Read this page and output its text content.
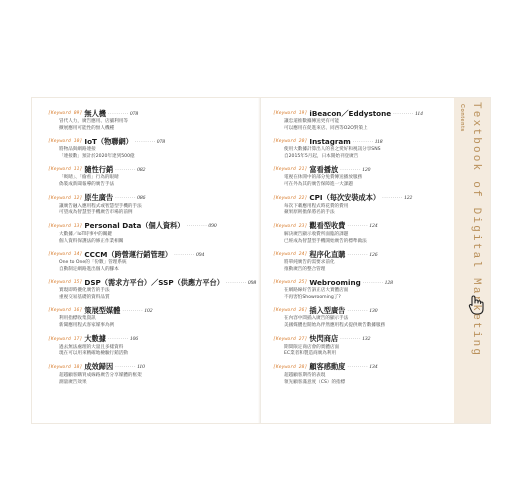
[Keyword 09] 無人機 ·········· 078
冒代人力，廣告應用、店舖利用等
擴展應用可能性的無人機種
[Keyword 10] IoT（物聯網） ·········· 078
將物品與網路連接
「連接數」預計於2020年達到500億
[Keyword 11] 隨性行銷 ·········· 082
「吸睛」、「偷看」行為的眼睛
偽裝成新聞報導的廣告手法
[Keyword 12] 原生廣告 ·········· 086
讓廣告融入應用程式或智慧型手機的手法
可望成為智慧型手機廣告市場的前例
[Keyword 13] Personal Data（個人資料） ·········· 090
大數據／IoT時事中的關鍵
個人資料保護法的修正作業相關
[Keyword 14] CCCM（跨營運行銷管理） ·········· 094
One to One的「份數」管理系統
自動制定網路進出個人的腳本
[Keyword 15] DSP（需求方平台）／SSP（供應方平台） ·········· 098
實現即時優化廣告的手法
重視交易基礎的資料品質
[Keyword 16] 策展型媒體 ·········· 102
利用指標收集資訊
新聞應用程式客家媒事為例
[Keyword 17] 大數據 ·········· 106
過去無法處理的大量且多樣資料
現在可以用來精確地檢驗行銷活動
[Keyword 18] 成效歸因 ·········· 110
超越顧客購買成線路廣告分享媒體的框架
測量廣告效果
[Keyword 19] iBeacon／Eddystone ·········· 114
讓忠道推數據傳送更有可能
可以應用在促進來店、同西等O2O對策上
[Keyword 20] Instagram ·········· 118
使用大數據計算出人的喜之愛好和視訊分享SNS
自2015年5月起，日本開始刊登廣告
[Keyword 21] 富看播放 ·········· 120
電視在休閒中的部分免費傳送播放服務
可在外為其的廣告保障進一大課題
[Keyword 22] CPI（每次安裝成本） ·········· 122
每次下載應用程式時花費的費用
蘋果原則擔保將名的手法
[Keyword 23] 觀看型收費 ·········· 124
解決廣告顯示收費所面臨的課題
已經成為智慧型手機開始廣告的標準做法
[Keyword 24] 程序化直購 ·········· 126
將單純廣告的需要求前化
推動廣告的整合管理
[Keyword 25] Webrooming ·········· 128
在網路線好告訴正店大實體店面
不再害怕Showrooming了?
[Keyword 26] 插入型廣告 ·········· 130
在內容中間插入廣告的顯示手法
美國媒體也開始為伴然應用程式提供廣告數據服務
[Keyword 27] 快閃商店 ·········· 132
期間限定商店會的實體店面
EC業者和製造商廣為利用
[Keyword 28] 顧客感動度 ·········· 134
超越顧客期待的表現
領先顧客滿意度（CS）的指標
Textbook of Digital Marketing
Contents
